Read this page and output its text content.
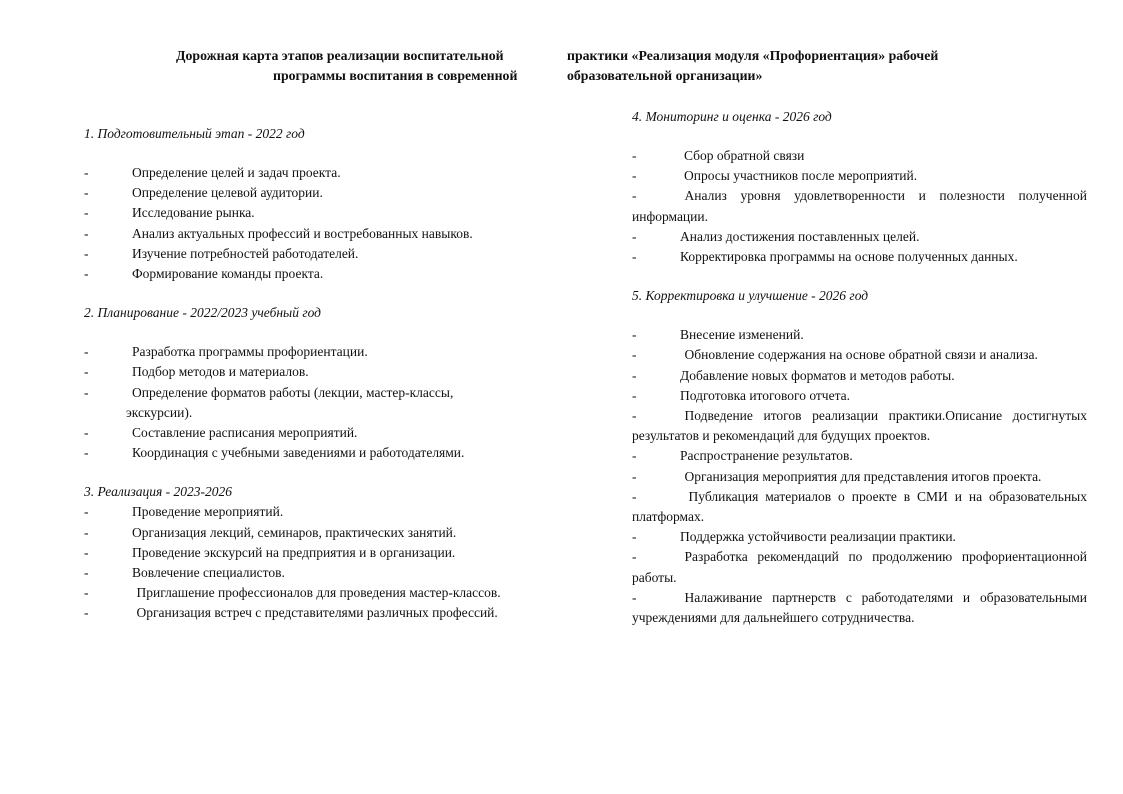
Дорожная карта этапов реализации воспитательной	практики «Реализация модуля «Профориентация» рабочей
программы воспитания в современной	образовательной организации»
1. Подготовительный этап - 2022 год
-	Определение целей и задач проекта.
-	Определение целевой аудитории.
-	Исследование рынка.
-	Анализ актуальных профессий и востребованных навыков.
-	Изучение потребностей работодателей.
-	Формирование команды проекта.
2. Планирование - 2022/2023 учебный год
-	Разработка программы профориентации.
-	Подбор методов и материалов.
-	Определение форматов работы (лекции, мастер-классы,
экскурсии).
-	Составление расписания мероприятий.
-	Координация с учебными заведениями и работодателями.
3. Реализация - 2023-2026
-	Проведение мероприятий.
-	Организация лекций, семинаров, практических занятий.
-	Проведение экскурсий на предприятия и в организации.
-	Вовлечение специалистов.
-	Приглашение профессионалов для проведения мастер-классов.
-	Организация встреч с представителями различных профессий.
4. Мониторинг и оценка - 2026 год
-	Сбор обратной связи
-	Опросы участников после мероприятий.
-	Анализ уровня удовлетворенности и полезности полученной информации.
-	Анализ достижения поставленных целей.
-	Корректировка программы на основе полученных данных.
5. Корректировка и улучшение - 2026 год
-	Внесение изменений.
-	Обновление содержания на основе обратной связи и анализа.
-	Добавление новых форматов и методов работы.
-	Подготовка итогового отчета.
-	Подведение итогов реализации практики.Описание достигнутых результатов и рекомендаций для будущих проектов.
-	Распространение результатов.
-	Организация мероприятия для представления итогов проекта.
-	Публикация материалов о проекте в СМИ и на образовательных платформах.
-	Поддержка устойчивости реализации практики.
-	Разработка рекомендаций по продолжению профориентационной работы.
-	Налаживание партнерств с работодателями и образовательными учреждениями для дальнейшего сотрудничества.
